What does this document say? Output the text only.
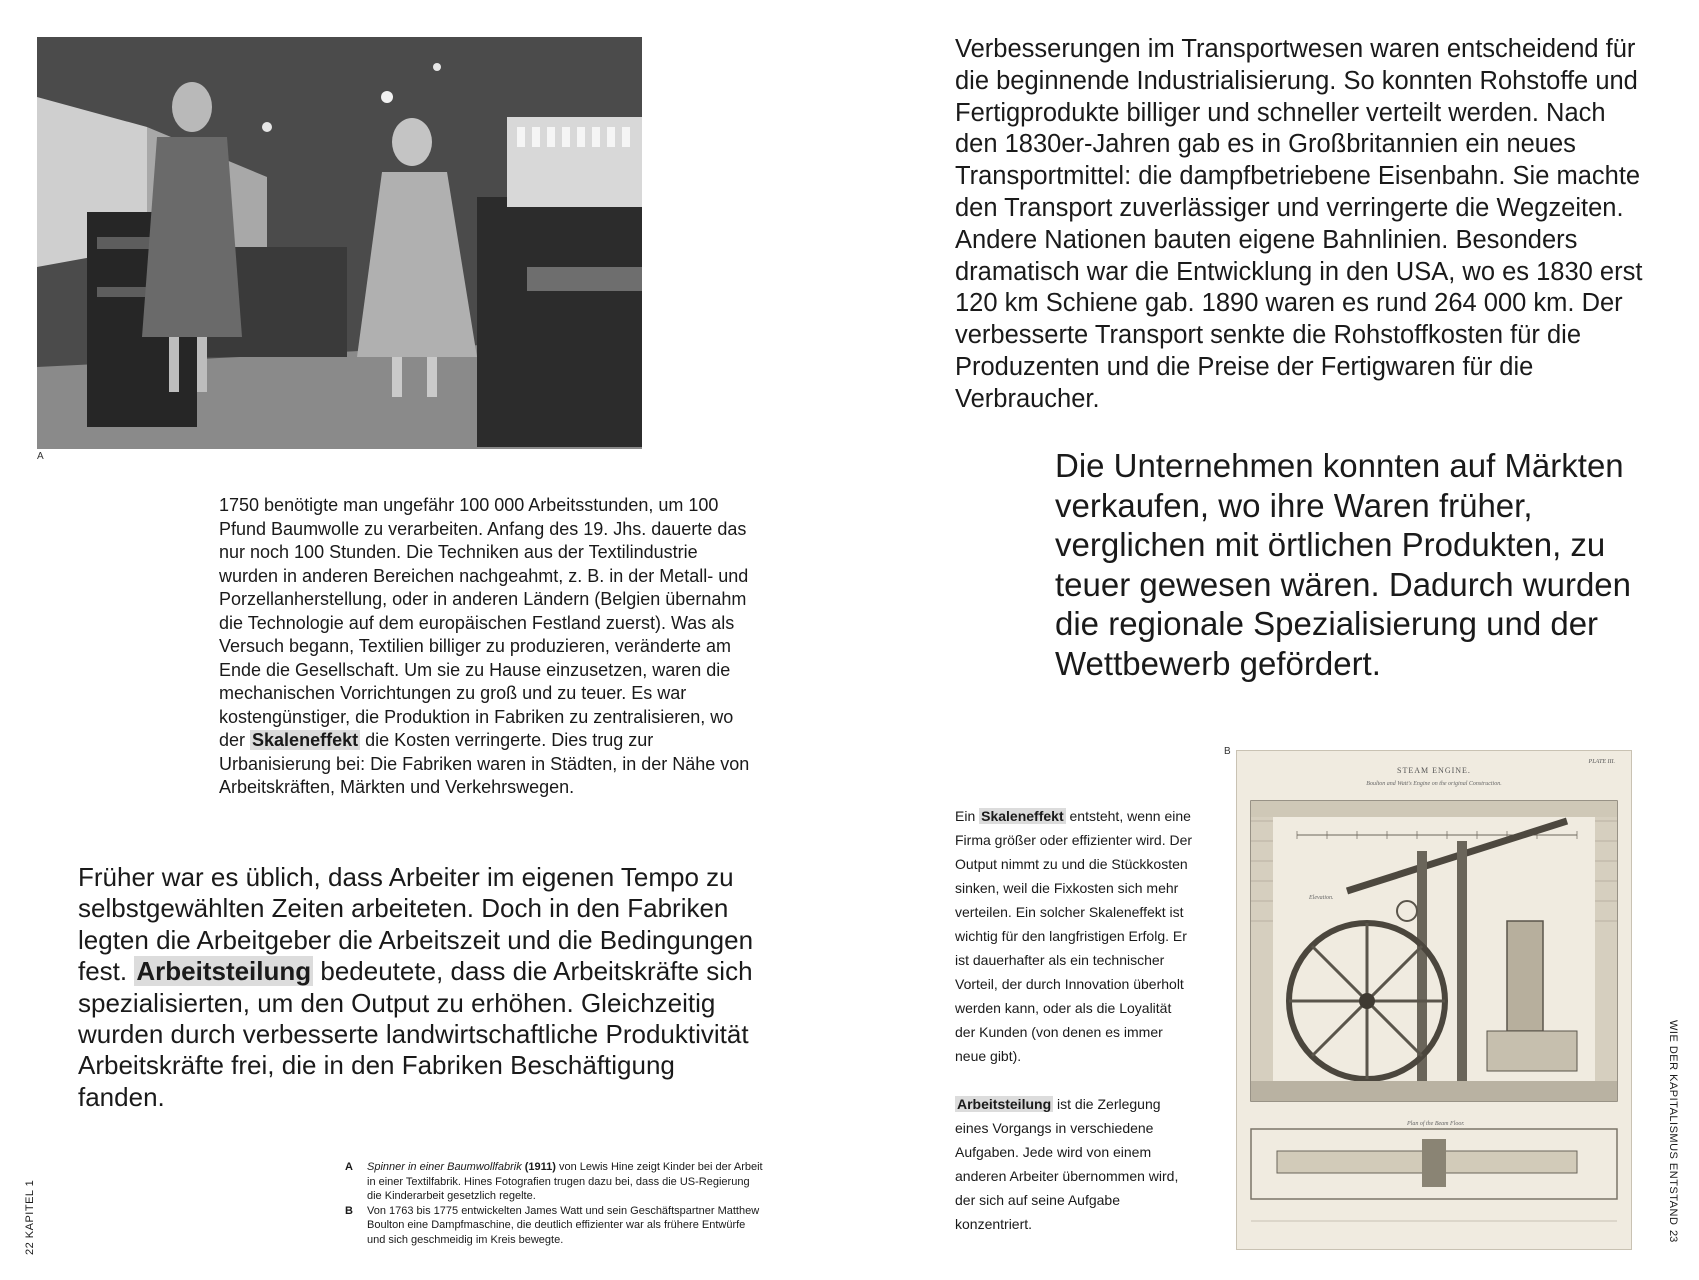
A

1750 benötigte man ungefähr 100 000 Arbeitsstunden, um 100 Pfund Baumwolle zu verarbeiten. Anfang des 19. Jhs. dauerte das nur noch 100 Stunden. Die Techniken aus der Textilindustrie wurden in anderen Bereichen nachgeahmt, z. B. in der Metall- und Porzellanherstellung, oder in anderen Ländern (Belgien übernahm die Technologie auf dem europäischen Festland zuerst). Was als Versuch begann, Textilien billiger zu produzieren, veränderte am Ende die Gesellschaft. Um sie zu Hause einzusetzen, waren die mechanischen Vorrichtungen zu groß und zu teuer. Es war kostengünstiger, die Produktion in Fabriken zu zentralisieren, wo der Skaleneffekt die Kosten verringerte. Dies trug zur Urbanisierung bei: Die Fabriken waren in Städten, in der Nähe von Arbeitskräften, Märkten und Verkehrswegen.

Früher war es üblich, dass Arbeiter im eigenen Tempo zu selbstgewählten Zeiten arbeiteten. Doch in den Fabriken legten die Arbeitgeber die Arbeitszeit und die Bedingungen fest. Arbeitsteilung bedeutete, dass die Arbeitskräfte sich spezialisierten, um den Output zu erhöhen. Gleichzeitig wurden durch verbesserte landwirtschaftliche Produktivität Arbeitskräfte frei, die in den Fabriken Beschäftigung fanden.

A	Spinner in einer Baumwollfabrik (1911) von Lewis Hine zeigt Kinder bei der Arbeit in einer Textilfabrik. Hines Fotografien trugen dazu bei, dass die US-Regierung die Kinderarbeit gesetzlich regelte.
B	Von 1763 bis 1775 entwickelten James Watt und sein Geschäftspartner Matthew Boulton eine Dampfmaschine, die deutlich effizienter war als frühere Entwürfe und sich geschmeidig im Kreis bewegte.
22 KAPITEL 1

Verbesserungen im Transportwesen waren entscheidend für die beginnende Industrialisierung. So konnten Rohstoffe und Fertigprodukte billiger und schneller verteilt werden. Nach den 1830er-Jahren gab es in Großbritannien ein neues Transportmittel: die dampfbetriebene Eisenbahn. Sie machte den Transport zuverlässiger und verringerte die Wegzeiten. Andere Nationen bauten eigene Bahnlinien. Besonders dramatisch war die Entwicklung in den USA, wo es 1830 erst 120 km Schiene gab. 1890 waren es rund 264 000 km. Der verbesserte Transport senkte die Rohstoffkosten für die Produzenten und die Preise der Fertigwaren für die Verbraucher.

Die Unternehmen konnten auf Märkten verkaufen, wo ihre Waren früher, verglichen mit örtlichen Produkten, zu teuer gewesen wären. Dadurch wurden die regionale Spezialisierung und der Wettbewerb gefördert.

Ein Skaleneffekt entsteht, wenn eine Firma größer oder effizienter wird. Der Output nimmt zu und die Stückkosten sinken, weil die Fixkosten sich mehr verteilen. Ein solcher Skaleneffekt ist wichtig für den langfristigen Erfolg. Er ist dauerhafter als ein technischer Vorteil, der durch Innovation überholt werden kann, oder als die Loyalität der Kunden (von denen es immer neue gibt).

Arbeitsteilung ist die Zerlegung eines Vorgangs in verschiedene Aufgaben. Jede wird von einem anderen Arbeiter übernommen wird, der sich auf seine Aufgabe konzentriert.

B
STEAM ENGINE.
PLATE III.
Boulton and Watt's Engine on the original Construction.
Elevation.
Plan of the Beam Floor.	WIE DER KAPITALISMUS ENTSTAND
23
